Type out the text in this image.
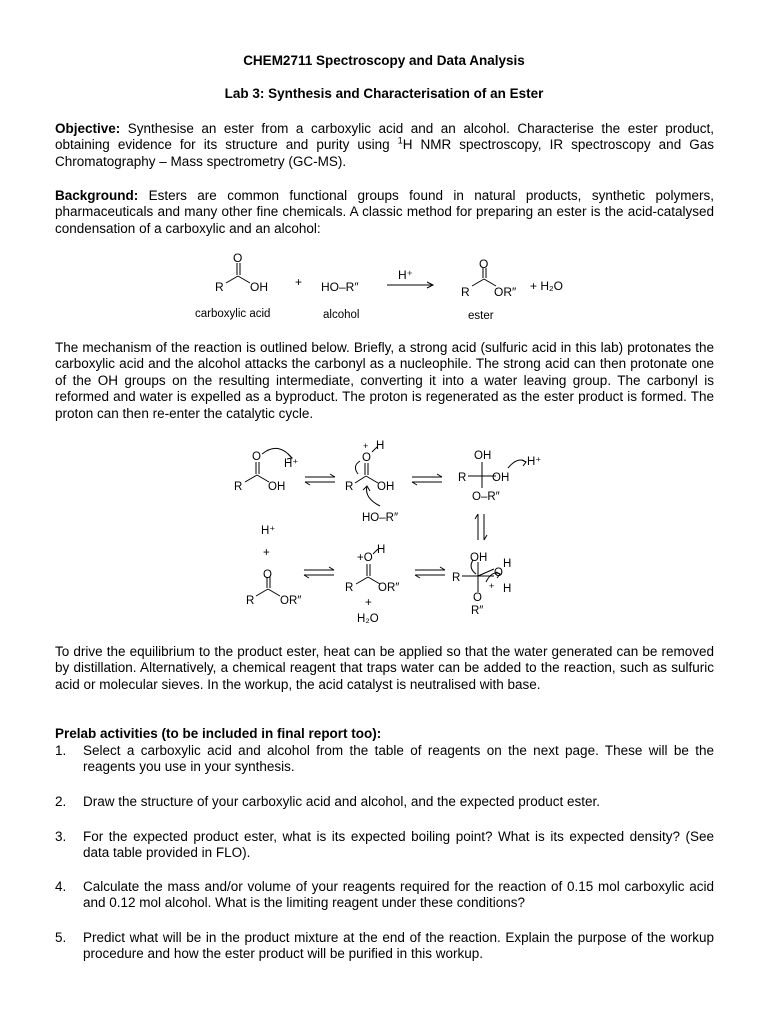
CHEM2711 Spectroscopy and Data Analysis
Lab 3: Synthesis and Characterisation of an Ester
Objective: Synthesise an ester from a carboxylic acid and an alcohol. Characterise the ester product, obtaining evidence for its structure and purity using $^1$H NMR spectroscopy, IR spectroscopy and Gas Chromatography – Mass spectrometry (GC-MS).
Background: Esters are common functional groups found in natural products, synthetic polymers, pharmaceuticals and many other fine chemicals. A classic method for preparing an ester is the acid-catalysed condensation of a carboxylic and an alcohol:
O
R OH + HO–R″
H⁺
O
R OR″ + H₂O
carboxylic acid	alcohol	ester
The mechanism of the reaction is outlined below. Briefly, a strong acid (sulfuric acid in this lab) protonates the carboxylic acid and the alcohol attacks the carbonyl as a nucleophile. The strong acid can then protonate one of the OH groups on the resulting intermediate, converting it into a water leaving group. The carbonyl is reformed and water is expelled as a byproduct. The proton is regenerated as the ester product is formed. The proton can then re-enter the catalytic cycle.
O
R OH
H⁺
+ H
O
R OH
HO–R″
OH
R OH
O–R″
H⁺
H⁺
+	OH
R	O
H
H
+
O
R″
+O
H
R OR″
+
H₂O
O
R OR″
To drive the equilibrium to the product ester, heat can be applied so that the water generated can be removed by distillation. Alternatively, a chemical reagent that traps water can be added to the reaction, such as sulfuric acid or molecular sieves. In the workup, the acid catalyst is neutralised with base.
Prelab activities (to be included in final report too):
1.	Select a carboxylic acid and alcohol from the table of reagents on the next page. These will be the reagents you use in your synthesis.
2.	Draw the structure of your carboxylic acid and alcohol, and the expected product ester.
3.	For the expected product ester, what is its expected boiling point? What is its expected density? (See data table provided in FLO).
4.	Calculate the mass and/or volume of your reagents required for the reaction of 0.15 mol carboxylic acid and 0.12 mol alcohol. What is the limiting reagent under these conditions?
5.	Predict what will be in the product mixture at the end of the reaction. Explain the purpose of the workup procedure and how the ester product will be purified in this workup.
